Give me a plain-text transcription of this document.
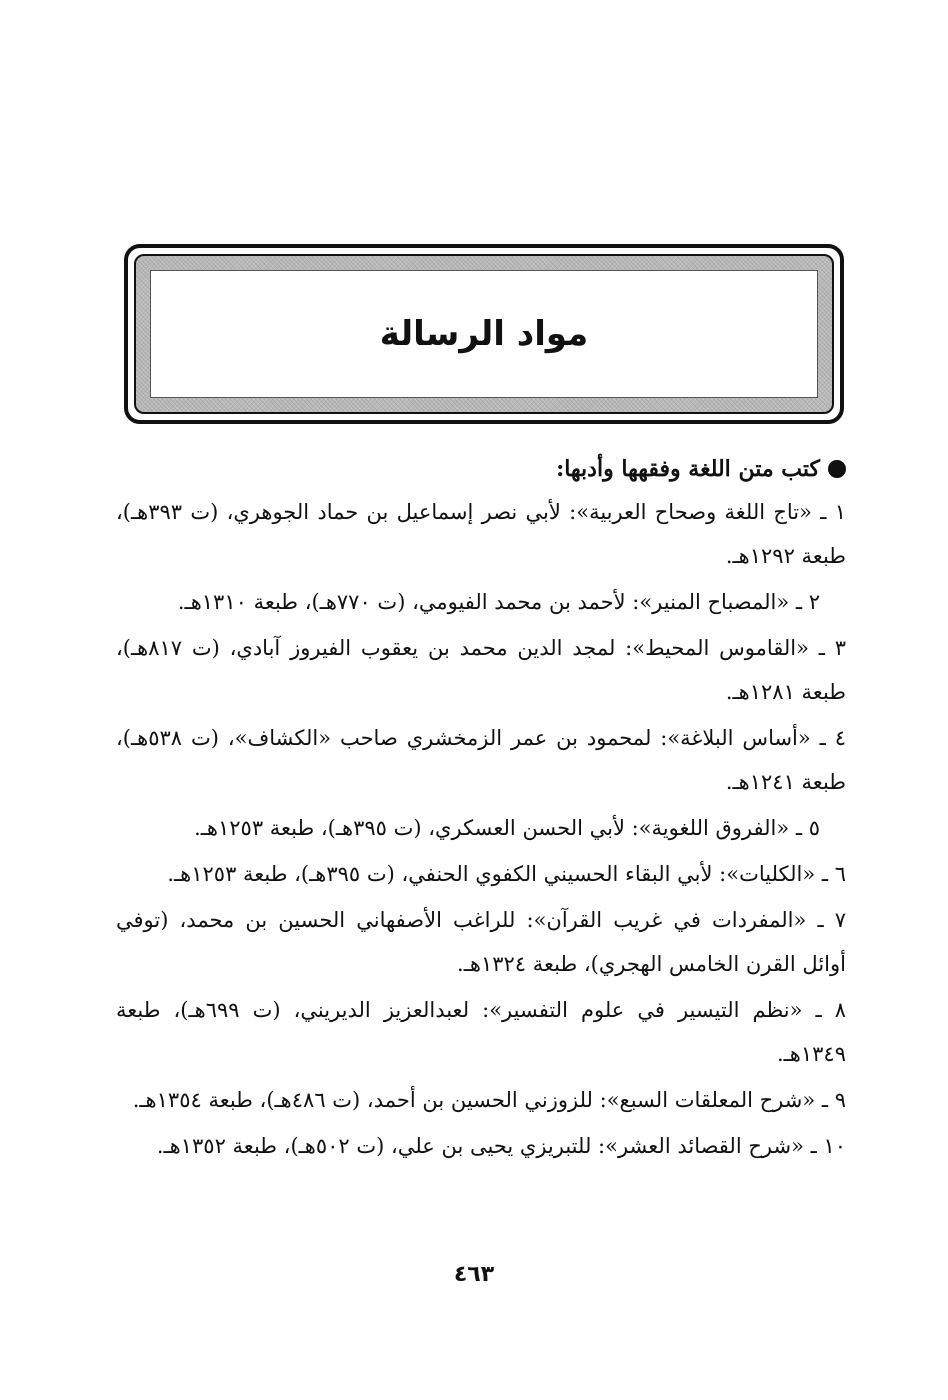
مواد الرسالة
كتب متن اللغة وفقهها وأدبها:
١ ـ «تاج اللغة وصحاح العربية»: لأبي نصر إسماعيل بن حماد الجوهري، (ت ٣٩٣هـ)، طبعة ١٢٩٢هـ.
٢ ـ «المصباح المنير»: لأحمد بن محمد الفيومي، (ت ٧٧٠هـ)، طبعة ١٣١٠هـ.
٣ ـ «القاموس المحيط»: لمجد الدين محمد بن يعقوب الفيروز آبادي، (ت ٨١٧هـ)، طبعة ١٢٨١هـ.
٤ ـ «أساس البلاغة»: لمحمود بن عمر الزمخشري صاحب «الكشاف»، (ت ٥٣٨هـ)، طبعة ١٢٤١هـ.
٥ ـ «الفروق اللغوية»: لأبي الحسن العسكري، (ت ٣٩٥هـ)، طبعة ١٢٥٣هـ.
٦ ـ «الكليات»: لأبي البقاء الحسيني الكفوي الحنفي، (ت ٣٩٥هـ)، طبعة ١٢٥٣هـ.
٧ ـ «المفردات في غريب القرآن»: للراغب الأصفهاني الحسين بن محمد، (توفي أوائل القرن الخامس الهجري)، طبعة ١٣٢٤هـ.
٨ ـ «نظم التيسير في علوم التفسير»: لعبدالعزيز الديريني، (ت ٦٩٩هـ)، طبعة ١٣٤٩هـ.
٩ ـ «شرح المعلقات السبع»: للزوزني الحسين بن أحمد، (ت ٤٨٦هـ)، طبعة ١٣٥٤هـ.
١٠ ـ «شرح القصائد العشر»: للتبريزي يحيى بن علي، (ت ٥٠٢هـ)، طبعة ١٣٥٢هـ.
٤٦٣
